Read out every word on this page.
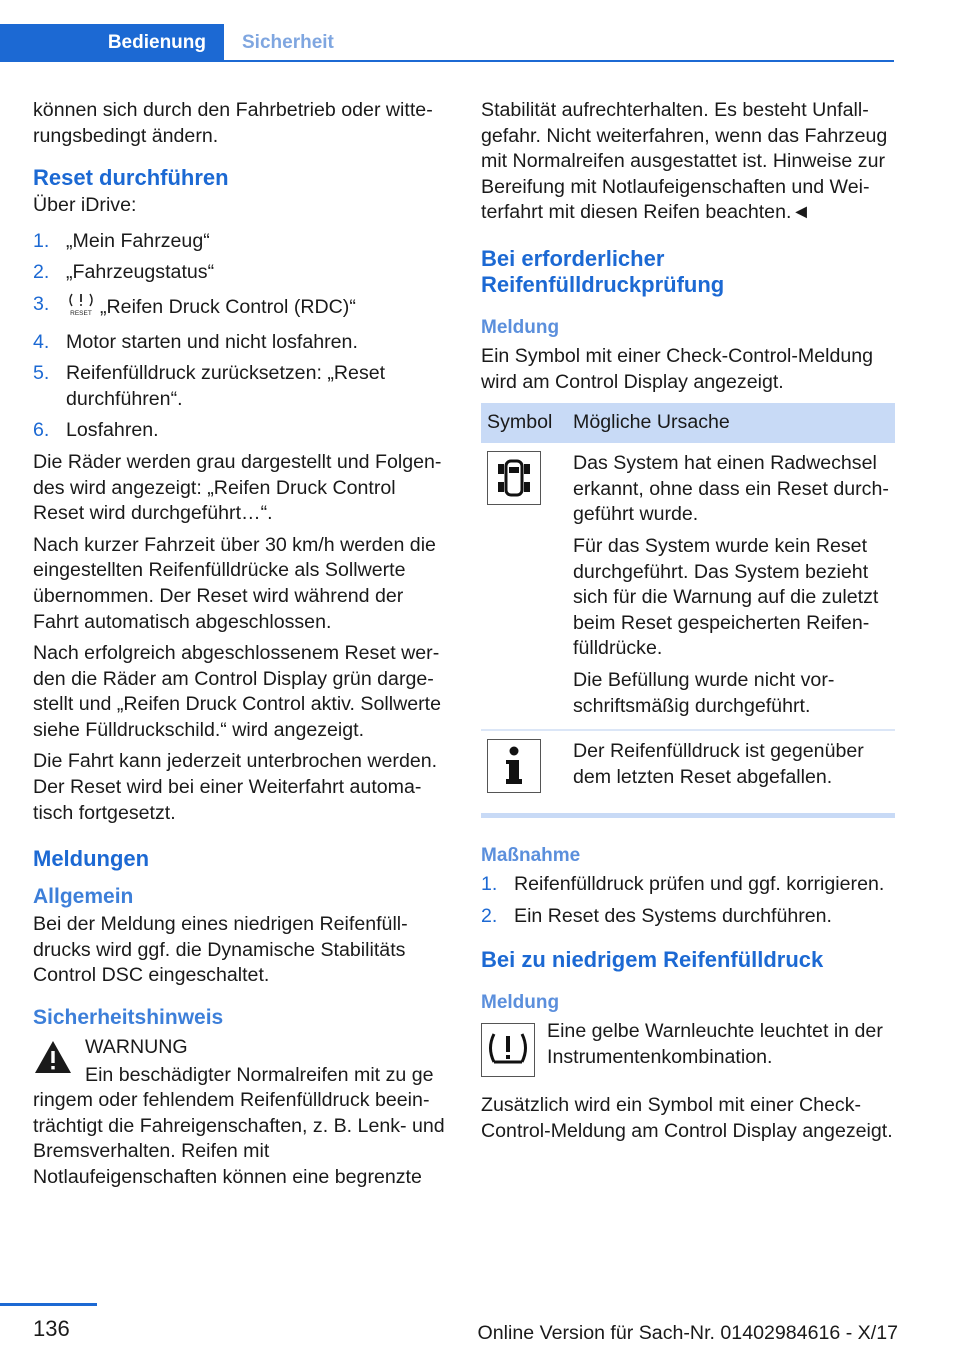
Bedienung	Sicherheit

können sich durch den Fahrbetrieb oder witterungsbedingt ändern.

Reset durchführen

Über iDrive:

1. „Mein Fahrzeug“
2. „Fahrzeugstatus“
3.	RESET „Reifen Druck Control (RDC)“
4. Motor starten und nicht losfahren.
5. Reifenfülldruck zurücksetzen: „Reset durchführen“.
6. Losfahren.

Die Räder werden grau dargestellt und Folgendes wird angezeigt: „Reifen Druck Control Reset wird durchgeführt…“.

Nach kurzer Fahrzeit über 30 km/h werden die eingestellten Reifenfülldrücke als Sollwerte übernommen. Der Reset wird während der Fahrt automatisch abgeschlossen.

Nach erfolgreich abgeschlossenem Reset werden die Räder am Control Display grün dargestellt und „Reifen Druck Control aktiv. Sollwerte siehe Fülldruckschild.“ wird angezeigt.

Die Fahrt kann jederzeit unterbrochen werden. Der Reset wird bei einer Weiterfahrt automatisch fortgesetzt.

Meldungen
Allgemein

Bei der Meldung eines niedrigen Reifenfülldrucks wird ggf. die Dynamische Stabilitäts Control DSC eingeschaltet.

Sicherheitshinweis
WARNUNG
Ein beschädigter Normalreifen mit zu ge
ringem oder fehlendem Reifenfülldruck beeinträchtigt die Fahreigenschaften, z. B. Lenk- und Bremsverhalten. Reifen mit Notlaufeigenschaften können eine begrenzte

Stabilität aufrechterhalten. Es besteht Unfallgefahr. Nicht weiterfahren, wenn das Fahrzeug mit Normalreifen ausgestattet ist. Hinweise zur Bereifung mit Notlaufeigenschaften und Weiterfahrt mit diesen Reifen beachten.◄

Bei erforderlicher Reifenfülldruckprüfung
Meldung

Ein Symbol mit einer Check-Control-Meldung wird am Control Display angezeigt.

Symbol	Mögliche Ursache

Das System hat einen Radwechsel erkannt, ohne dass ein Reset durchgeführt wurde.

Für das System wurde kein Reset durchgeführt. Das System bezieht sich für die Warnung auf die zuletzt beim Reset gespeicherten Reifenfülldrücke.

Die Befüllung wurde nicht vorschriftsmäßig durchgeführt.

Der Reifenfülldruck ist gegenüber dem letzten Reset abgefallen.

Maßnahme
1. Reifenfülldruck prüfen und ggf. korrigieren.
2. Ein Reset des Systems durchführen.
Bei zu niedrigem Reifenfülldruck
Meldung
Eine gelbe Warnleuchte leuchtet in der Instrumentenkombination.

Zusätzlich wird ein Symbol mit einer Check-Control-Meldung am Control Display angezeigt.

136	Online Version für Sach-Nr. 01402984616 - X/17
